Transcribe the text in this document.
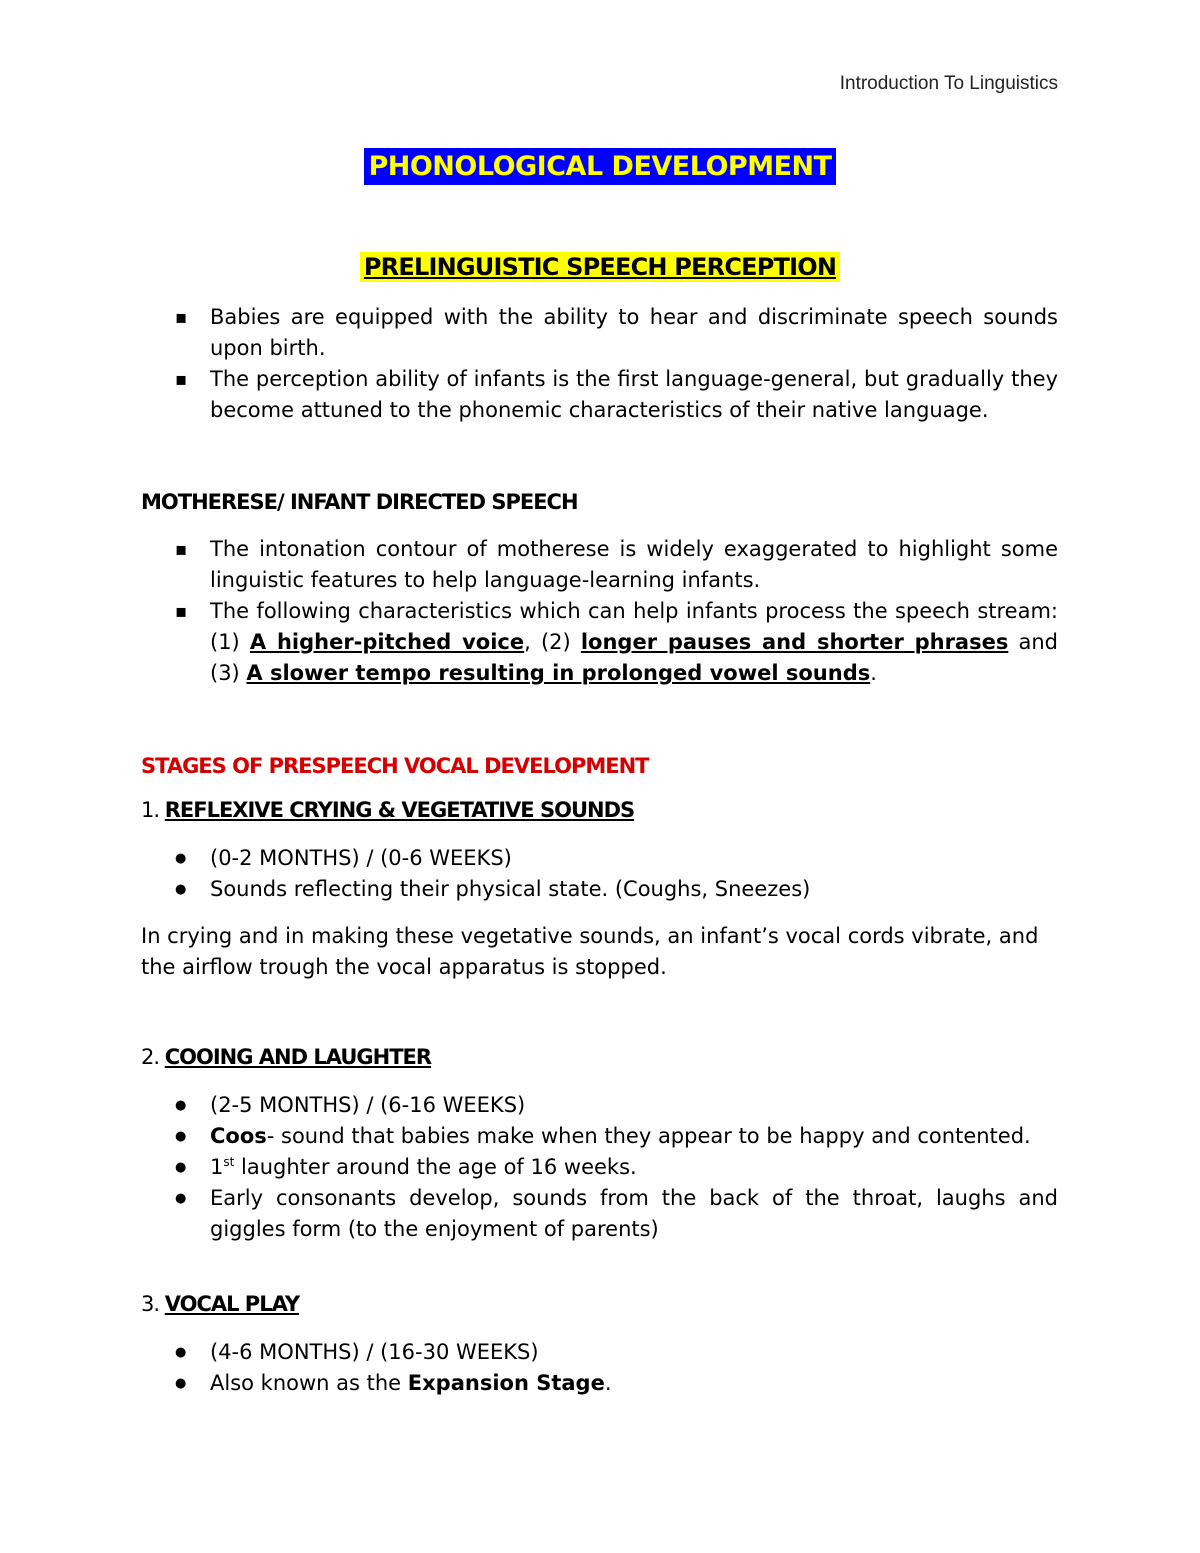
Introduction To Linguistics
PHONOLOGICAL DEVELOPMENT
PRELINGUISTIC SPEECH PERCEPTION
▪ Babies are equipped with the ability to hear and discriminate speech sounds upon birth.
▪ The perception ability of infants is the first language-general, but gradually they become attuned to the phonemic characteristics of their native language.
MOTHERESE/ INFANT DIRECTED SPEECH
▪ The intonation contour of motherese is widely exaggerated to highlight some linguistic features to help language-learning infants.
▪ The following characteristics which can help infants process the speech stream: (1) A higher-pitched voice, (2) longer pauses and shorter phrases and (3) A slower tempo resulting in prolonged vowel sounds.
STAGES OF PRESPEECH VOCAL DEVELOPMENT
1. REFLEXIVE CRYING & VEGETATIVE SOUNDS
● (0-2 MONTHS) / (0-6 WEEKS)
● Sounds reflecting their physical state. (Coughs, Sneezes)
In crying and in making these vegetative sounds, an infant’s vocal cords vibrate, and the airflow trough the vocal apparatus is stopped.
2. COOING AND LAUGHTER
● (2-5 MONTHS) / (6-16 WEEKS)
● Coos- sound that babies make when they appear to be happy and contented.
● 1st laughter around the age of 16 weeks.
● Early consonants develop, sounds from the back of the throat, laughs and giggles form (to the enjoyment of parents)
3. VOCAL PLAY
● (4-6 MONTHS) / (16-30 WEEKS)
● Also known as the Expansion Stage.
